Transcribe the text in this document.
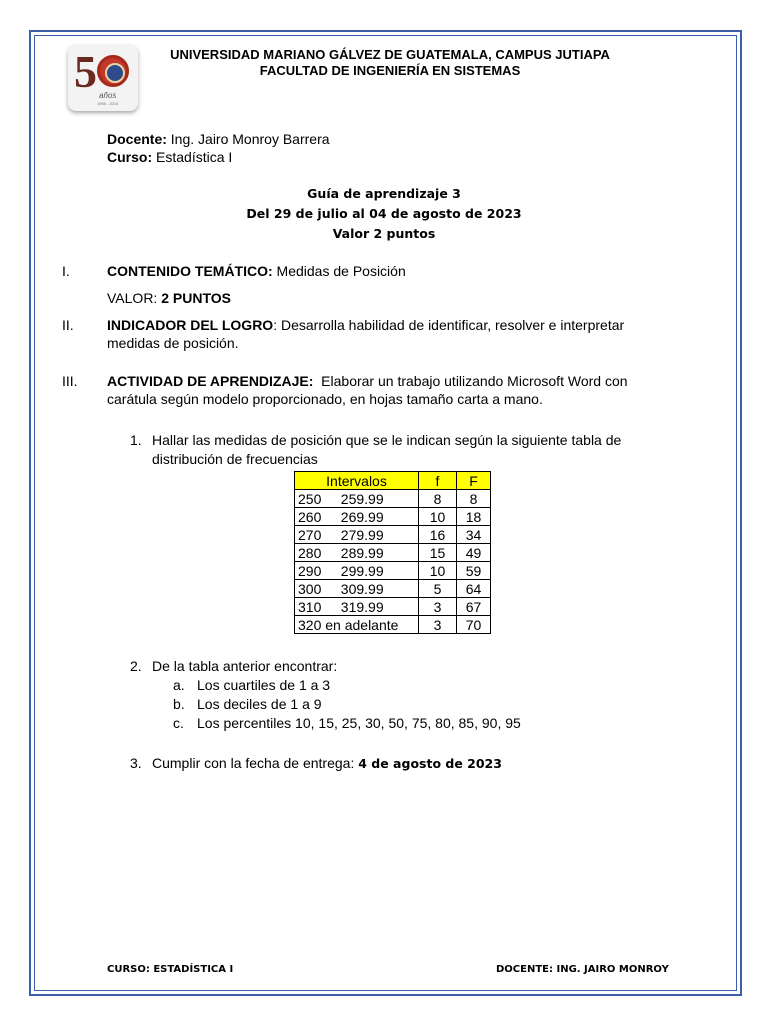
5 años
1966 - 2016
UNIVERSIDAD MARIANO GÁLVEZ DE GUATEMALA, CAMPUS JUTIAPA
FACULTAD DE INGENIERÍA EN SISTEMAS
Docente: Ing. Jairo Monroy Barrera
Curso: Estadística I
Guía de aprendizaje 3
Del 29 de julio al 04 de agosto de 2023
Valor 2 puntos
I.	CONTENIDO TEMÁTICO: Medidas de Posición
VALOR: 2 PUNTOS
II. INDICADOR DEL LOGRO: Desarrolla habilidad de identificar, resolver e interpretar
medidas de posición.
III. ACTIVIDAD DE APRENDIZAJE: Elaborar un trabajo utilizando Microsoft Word con
carátula según modelo proporcionado, en hojas tamaño carta a mano.
1. Hallar las medidas de posición que se le indican según la siguiente tabla de
distribución de frecuencias
Intervalos	f	F
250     259.99	8	8
260     269.99	10	18
270     279.99	16	34
280     289.99	15	49
290     299.99	10	59
300     309.99	5	64
310     319.99	3	67
320 en adelante	3	70
2. De la tabla anterior encontrar:
a. Los cuartiles de 1 a 3
b. Los deciles de 1 a 9
c. Los percentiles 10, 15, 25, 30, 50, 75, 80, 85, 90, 95
3. Cumplir con la fecha de entrega: 4 de agosto de 2023
CURSO: ESTADÍSTICA I	DOCENTE: ING. JAIRO MONROY
